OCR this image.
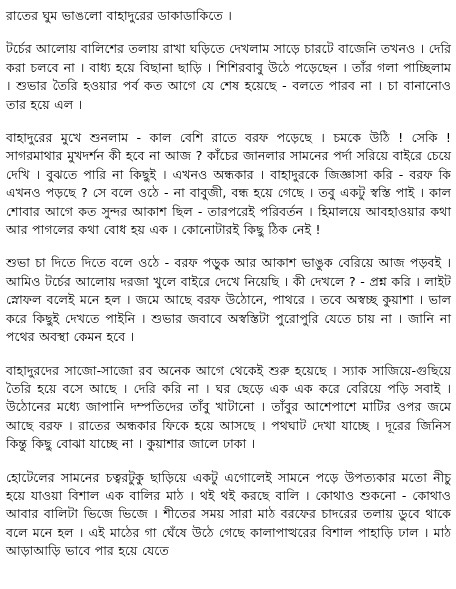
রাতের ঘুম ভাঙলো বাহাদুরের ডাকাডাকিতে ।

টর্চের আলোয় বালিশের তলায় রাখা ঘড়িতে দেখলাম সাড়ে চারটে বাজেনি তখনও । দেরি করা চলবে না । বাধ্য হয়ে বিছানা ছাড়ি । শিশিরবাবু উঠে পড়েছেন । তাঁর গলা পাচ্ছিলাম । শুভার তৈরি হওয়ার পর্ব কত আগে যে শেষ হয়েছে - বলতে পারব না । চা বানানোও তার হয়ে এল ।

বাহাদুরের মুখে শুনলাম - কাল বেশি রাতে বরফ পড়েছে । চমকে উঠি ! সেকি ! সাগরমাথার মুখদর্শন কী হবে না আজ ? কাঁচের জানলার সামনের পর্দা সরিয়ে বাইরে চেয়ে দেখি । বুঝতে পারি না কিছুই । এখনও অন্ধকার । বাহাদুরকে জিজ্ঞাসা করি - বরফ কি এখনও পড়ছে ? সে বলে ওঠে - না বাবুজী, বন্ধ হয়ে গেছে । তবু একটু স্বস্তি পাই । কাল শোবার আগে কত সুন্দর আকাশ ছিল - তারপরেই পরিবর্তন । হিমালয়ে আবহাওয়ার কথা আর পাগলের কথা বোধ হয় এক । কোনোটারই কিছু ঠিক নেই !

শুভা চা দিতে দিতে বলে ওঠে - বরফ পড়ুক আর আকাশ ভাঙুক বেরিয়ে আজ পড়বই । আমিও টর্চের আলোয় দরজা খুলে বাইরে দেখে নিয়েছি । কী দেখলে ? - প্রশ্ন করি । লাইট স্নোফল বলেই মনে হল । জমে আছে বরফ উঠোনে, পাথরে । তবে অস্বচ্ছ কুয়াশা । ভাল করে কিছুই দেখতে পাইনি । শুভার জবাবে অস্বস্তিটা পুরোপুরি যেতে চায় না । জানি না পথের অবস্থা কেমন হবে ।

বাহাদুরদের সাজো-সাজো রব অনেক আগে থেকেই শুরু হয়েছে । স্যাক সাজিয়ে-গুছিয়ে তৈরি হয়ে বসে আছে । দেরি করি না । ঘর ছেড়ে এক এক করে বেরিয়ে পড়ি সবাই । উঠোনের মধ্যে জাপানি দম্পতিদের তাঁবু খাটানো । তাঁবুর আশেপাশে মাটির ওপর জমে আছে বরফ । রাতের অন্ধকার ফিকে হয়ে আসছে । পথঘাট দেখা যাচ্ছে । দূরের জিনিস কিন্তু কিছু বোঝা যাচ্ছে না । কুয়াশার জালে ঢাকা ।

হোটেলের সামনের চত্বরটুকু ছাড়িয়ে একটু এগোলেই সামনে পড়ে উপত্যকার মতো নীচু হয়ে যাওয়া বিশাল এক বালির মাঠ । থই থই করছে বালি । কোথাও শুকনো - কোথাও আবার বালিটা ভিজে ভিজে । শীতের সময় সারা মাঠ বরফের চাদরের তলায় ডুবে থাকে বলে মনে হল । এই মাঠের গা ঘেঁষে উঠে গেছে কালাপাত্থরের বিশাল পাহাড়ি ঢাল । মাঠ আড়াআড়ি ভাবে পার হয়ে যেতে
